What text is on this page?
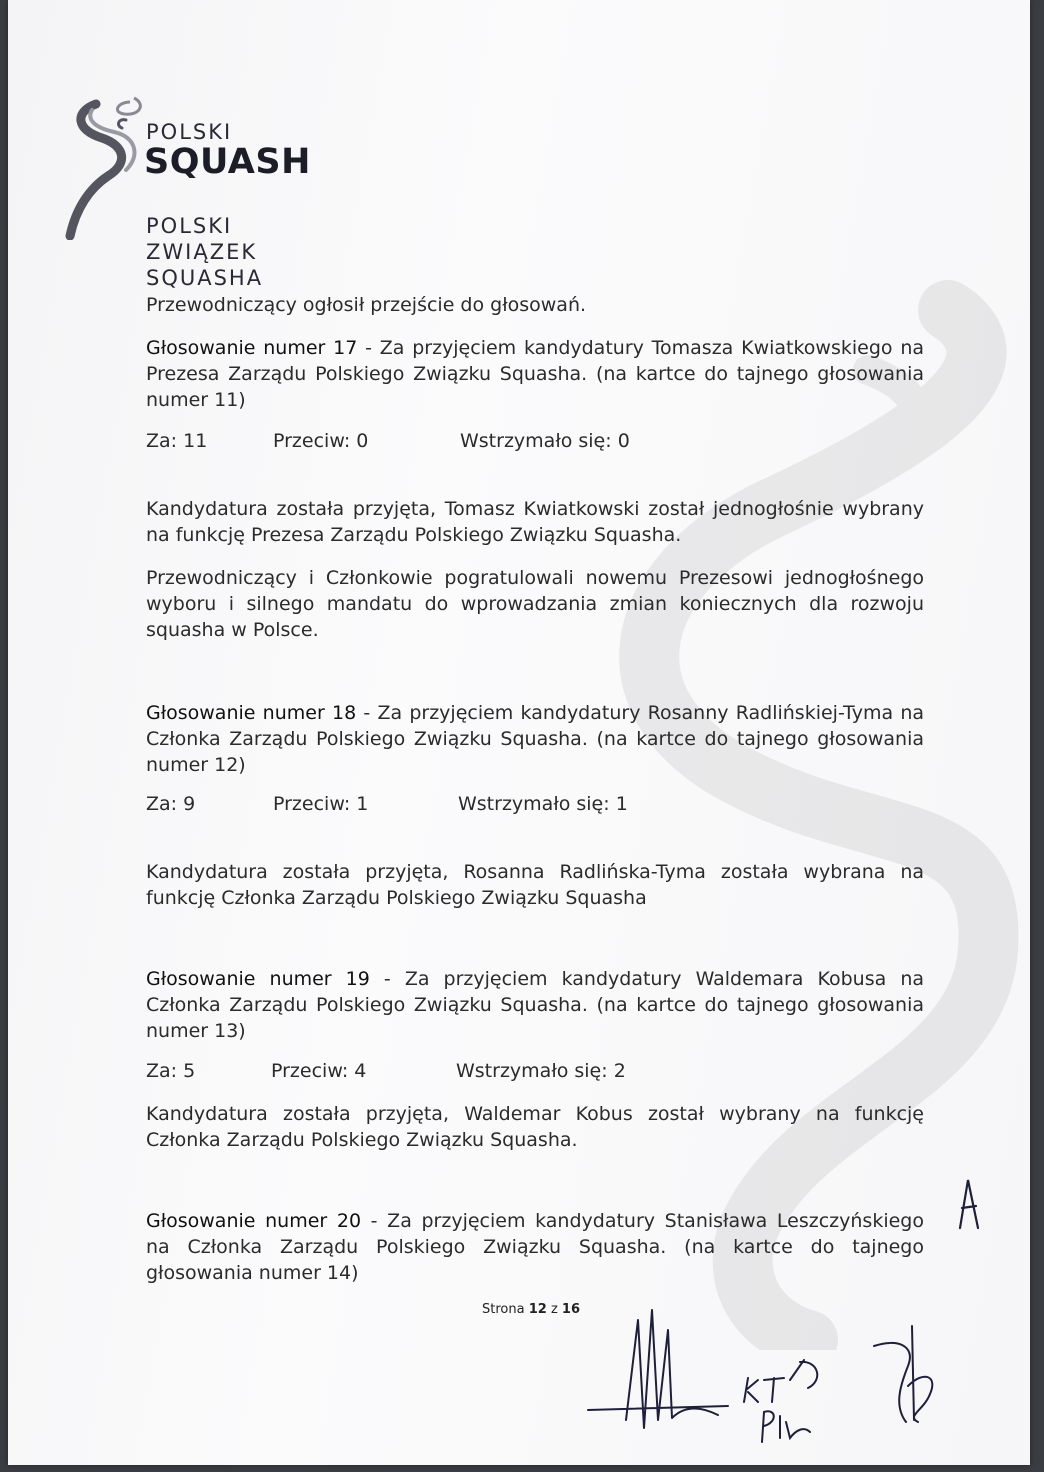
POLSKI
SQUASH
POLSKI
ZWIĄZEK
SQUASHA
Przewodniczący ogłosił przejście do głosowań.
Głosowanie numer 17 - Za przyjęciem kandydatury Tomasza Kwiatkowskiego na Prezesa Zarządu Polskiego Związku Squasha. (na kartce do tajnego głosowania numer 11)
Za: 11	Przeciw: 0	Wstrzymało się: 0
Kandydatura została przyjęta, Tomasz Kwiatkowski został jednogłośnie wybrany na funkcję Prezesa Zarządu Polskiego Związku Squasha.
Przewodniczący i Członkowie pogratulowali nowemu Prezesowi jednogłośnego wyboru i silnego mandatu do wprowadzania zmian koniecznych dla rozwoju squasha w Polsce.
Głosowanie numer 18 - Za przyjęciem kandydatury Rosanny Radlińskiej-Tyma na Członka Zarządu Polskiego Związku Squasha. (na kartce do tajnego głosowania numer 12)
Za: 9	Przeciw: 1	Wstrzymało się: 1
Kandydatura została przyjęta, Rosanna Radlińska-Tyma została wybrana na funkcję Członka Zarządu Polskiego Związku Squasha
Głosowanie numer 19 - Za przyjęciem kandydatury Waldemara Kobusa na Członka Zarządu Polskiego Związku Squasha. (na kartce do tajnego głosowania numer 13)
Za: 5	Przeciw: 4	Wstrzymało się: 2
Kandydatura została przyjęta, Waldemar Kobus został wybrany na funkcję Członka Zarządu Polskiego Związku Squasha.
Głosowanie numer 20 - Za przyjęciem kandydatury Stanisława Leszczyńskiego na Członka Zarządu Polskiego Związku Squasha. (na kartce do tajnego głosowania numer 14)
Strona 12 z 16
